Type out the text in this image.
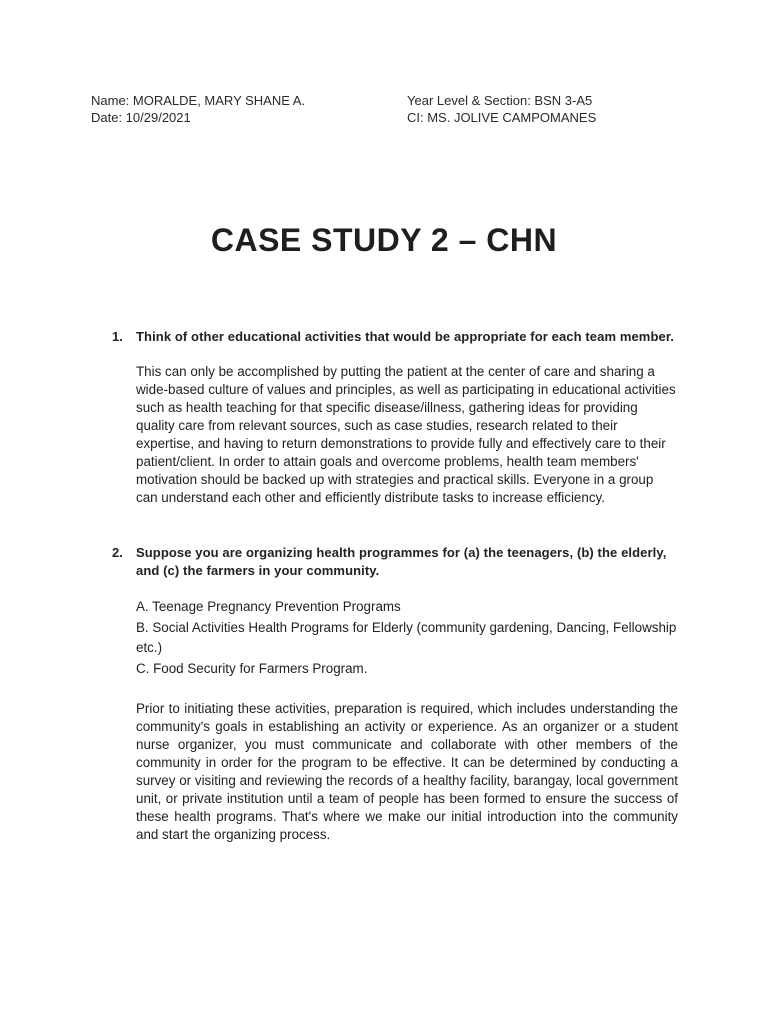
Name: MORALDE, MARY SHANE A.	Year Level & Section: BSN 3-A5
Date: 10/29/2021	CI: MS. JOLIVE CAMPOMANES
CASE STUDY 2 – CHN
1. Think of other educational activities that would be appropriate for each team member.

This can only be accomplished by putting the patient at the center of care and sharing a wide-based culture of values and principles, as well as participating in educational activities such as health teaching for that specific disease/illness, gathering ideas for providing quality care from relevant sources, such as case studies, research related to their expertise, and having to return demonstrations to provide fully and effectively care to their patient/client. In order to attain goals and overcome problems, health team members' motivation should be backed up with strategies and practical skills. Everyone in a group can understand each other and efficiently distribute tasks to increase efficiency.

2. Suppose you are organizing health programmes for (a) the teenagers, (b) the elderly, and (c) the farmers in your community.

A. Teenage Pregnancy Prevention Programs
B. Social Activities Health Programs for Elderly (community gardening, Dancing, Fellowship etc.)
C. Food Security for Farmers Program.

Prior to initiating these activities, preparation is required, which includes understanding the community's goals in establishing an activity or experience. As an organizer or a student nurse organizer, you must communicate and collaborate with other members of the community in order for the program to be effective. It can be determined by conducting a survey or visiting and reviewing the records of a healthy facility, barangay, local government unit, or private institution until a team of people has been formed to ensure the success of these health programs. That's where we make our initial introduction into the community and start the organizing process.
